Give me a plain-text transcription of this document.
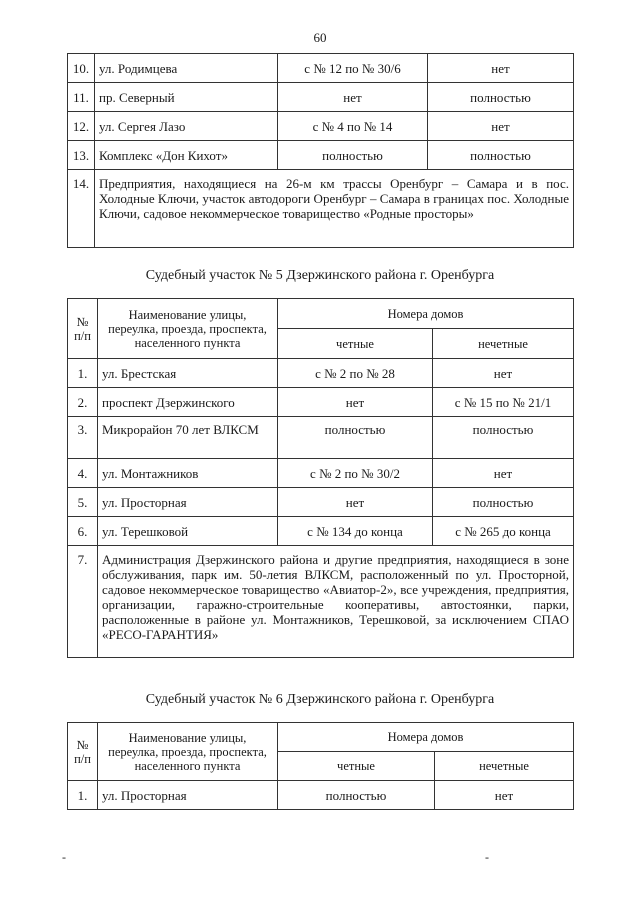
60
10.	ул. Родимцева	с № 12 по № 30/6	нет
11.	пр. Северный	нет	полностью
12.	ул. Сергея Лазо	с № 4 по № 14	нет
13.	Комплекс «Дон Кихот»	полностью	полностью
14.	Предприятия, находящиеся на 26-м км трассы Оренбург – Самара и в пос. Холодные Ключи, участок автодороги Оренбург – Самара в границах пос. Холодные Ключи, садовое некоммерческое товарищество «Родные просторы»		
Судебный участок № 5 Дзержинского района г. Оренбурга
№ п/п	Наименование улицы, переулка, проезда, проспекта, населенного пункта	Номера домов	
		четные	нечетные
1.	ул. Брестская	с № 2 по № 28	нет
2.	проспект Дзержинского	нет	с № 15 по № 21/1
3.	Микрорайон 70 лет ВЛКСМ	полностью	полностью
4.	ул. Монтажников	с № 2 по № 30/2	нет
5.	ул. Просторная	нет	полностью
6.	ул. Терешковой	с № 134 до конца	с № 265 до конца
7.	Администрация Дзержинского района и другие предприятия, находящиеся в зоне обслуживания, парк им. 50-летия ВЛКСМ, расположенный по ул. Просторной, садовое некоммерческое товарищество «Авиатор-2», все учреждения, предприятия, организации, гаражно-строительные кооперативы, автостоянки, парки, расположенные в районе ул. Монтажников, Терешковой, за исключением СПАО «РЕСО-ГАРАНТИЯ»		
Судебный участок № 6 Дзержинского района г. Оренбурга
№ п/п	Наименование улицы, переулка, проезда, проспекта, населенного пункта	Номера домов	
		четные	нечетные
1.	ул. Просторная	полностью	нет
-	-
